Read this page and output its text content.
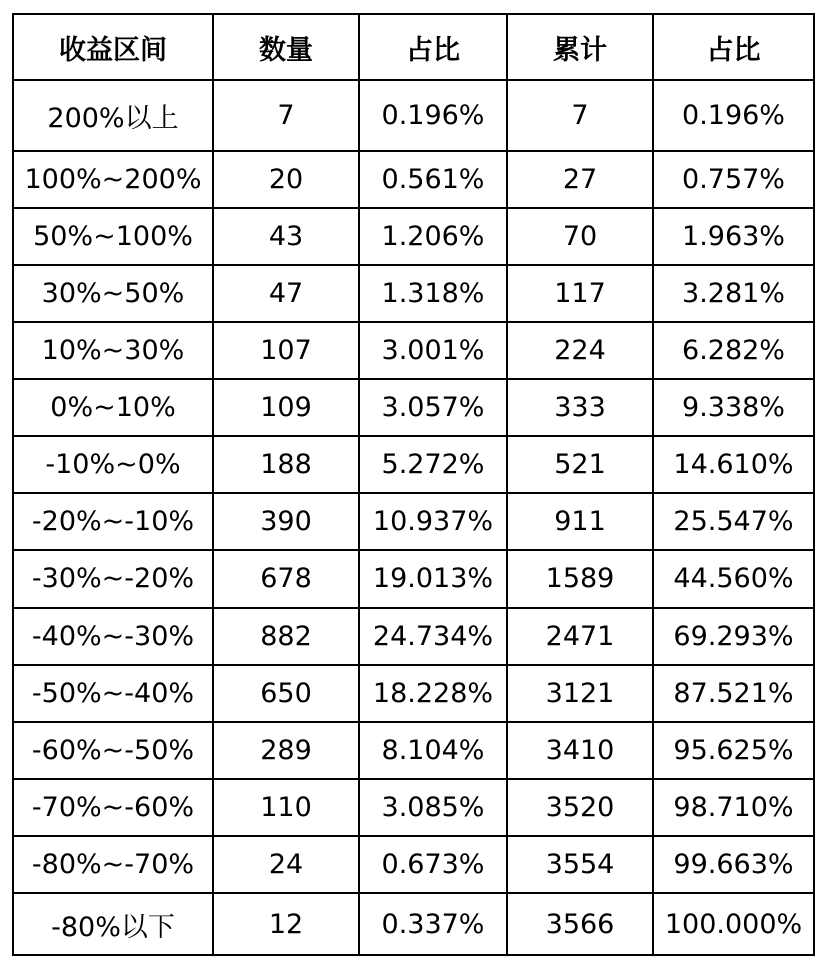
收益区间	数量	占比	累计	占比
200%以上	7	0.196%	7	0.196%
100%~200%	20	0.561%	27	0.757%
50%~100%	43	1.206%	70	1.963%
30%~50%	47	1.318%	117	3.281%
10%~30%	107	3.001%	224	6.282%
0%~10%	109	3.057%	333	9.338%
-10%~0%	188	5.272%	521	14.610%
-20%~-10%	390	10.937%	911	25.547%
-30%~-20%	678	19.013%	1589	44.560%
-40%~-30%	882	24.734%	2471	69.293%
-50%~-40%	650	18.228%	3121	87.521%
-60%~-50%	289	8.104%	3410	95.625%
-70%~-60%	110	3.085%	3520	98.710%
-80%~-70%	24	0.673%	3554	99.663%
-80%以下	12	0.337%	3566	100.000%
